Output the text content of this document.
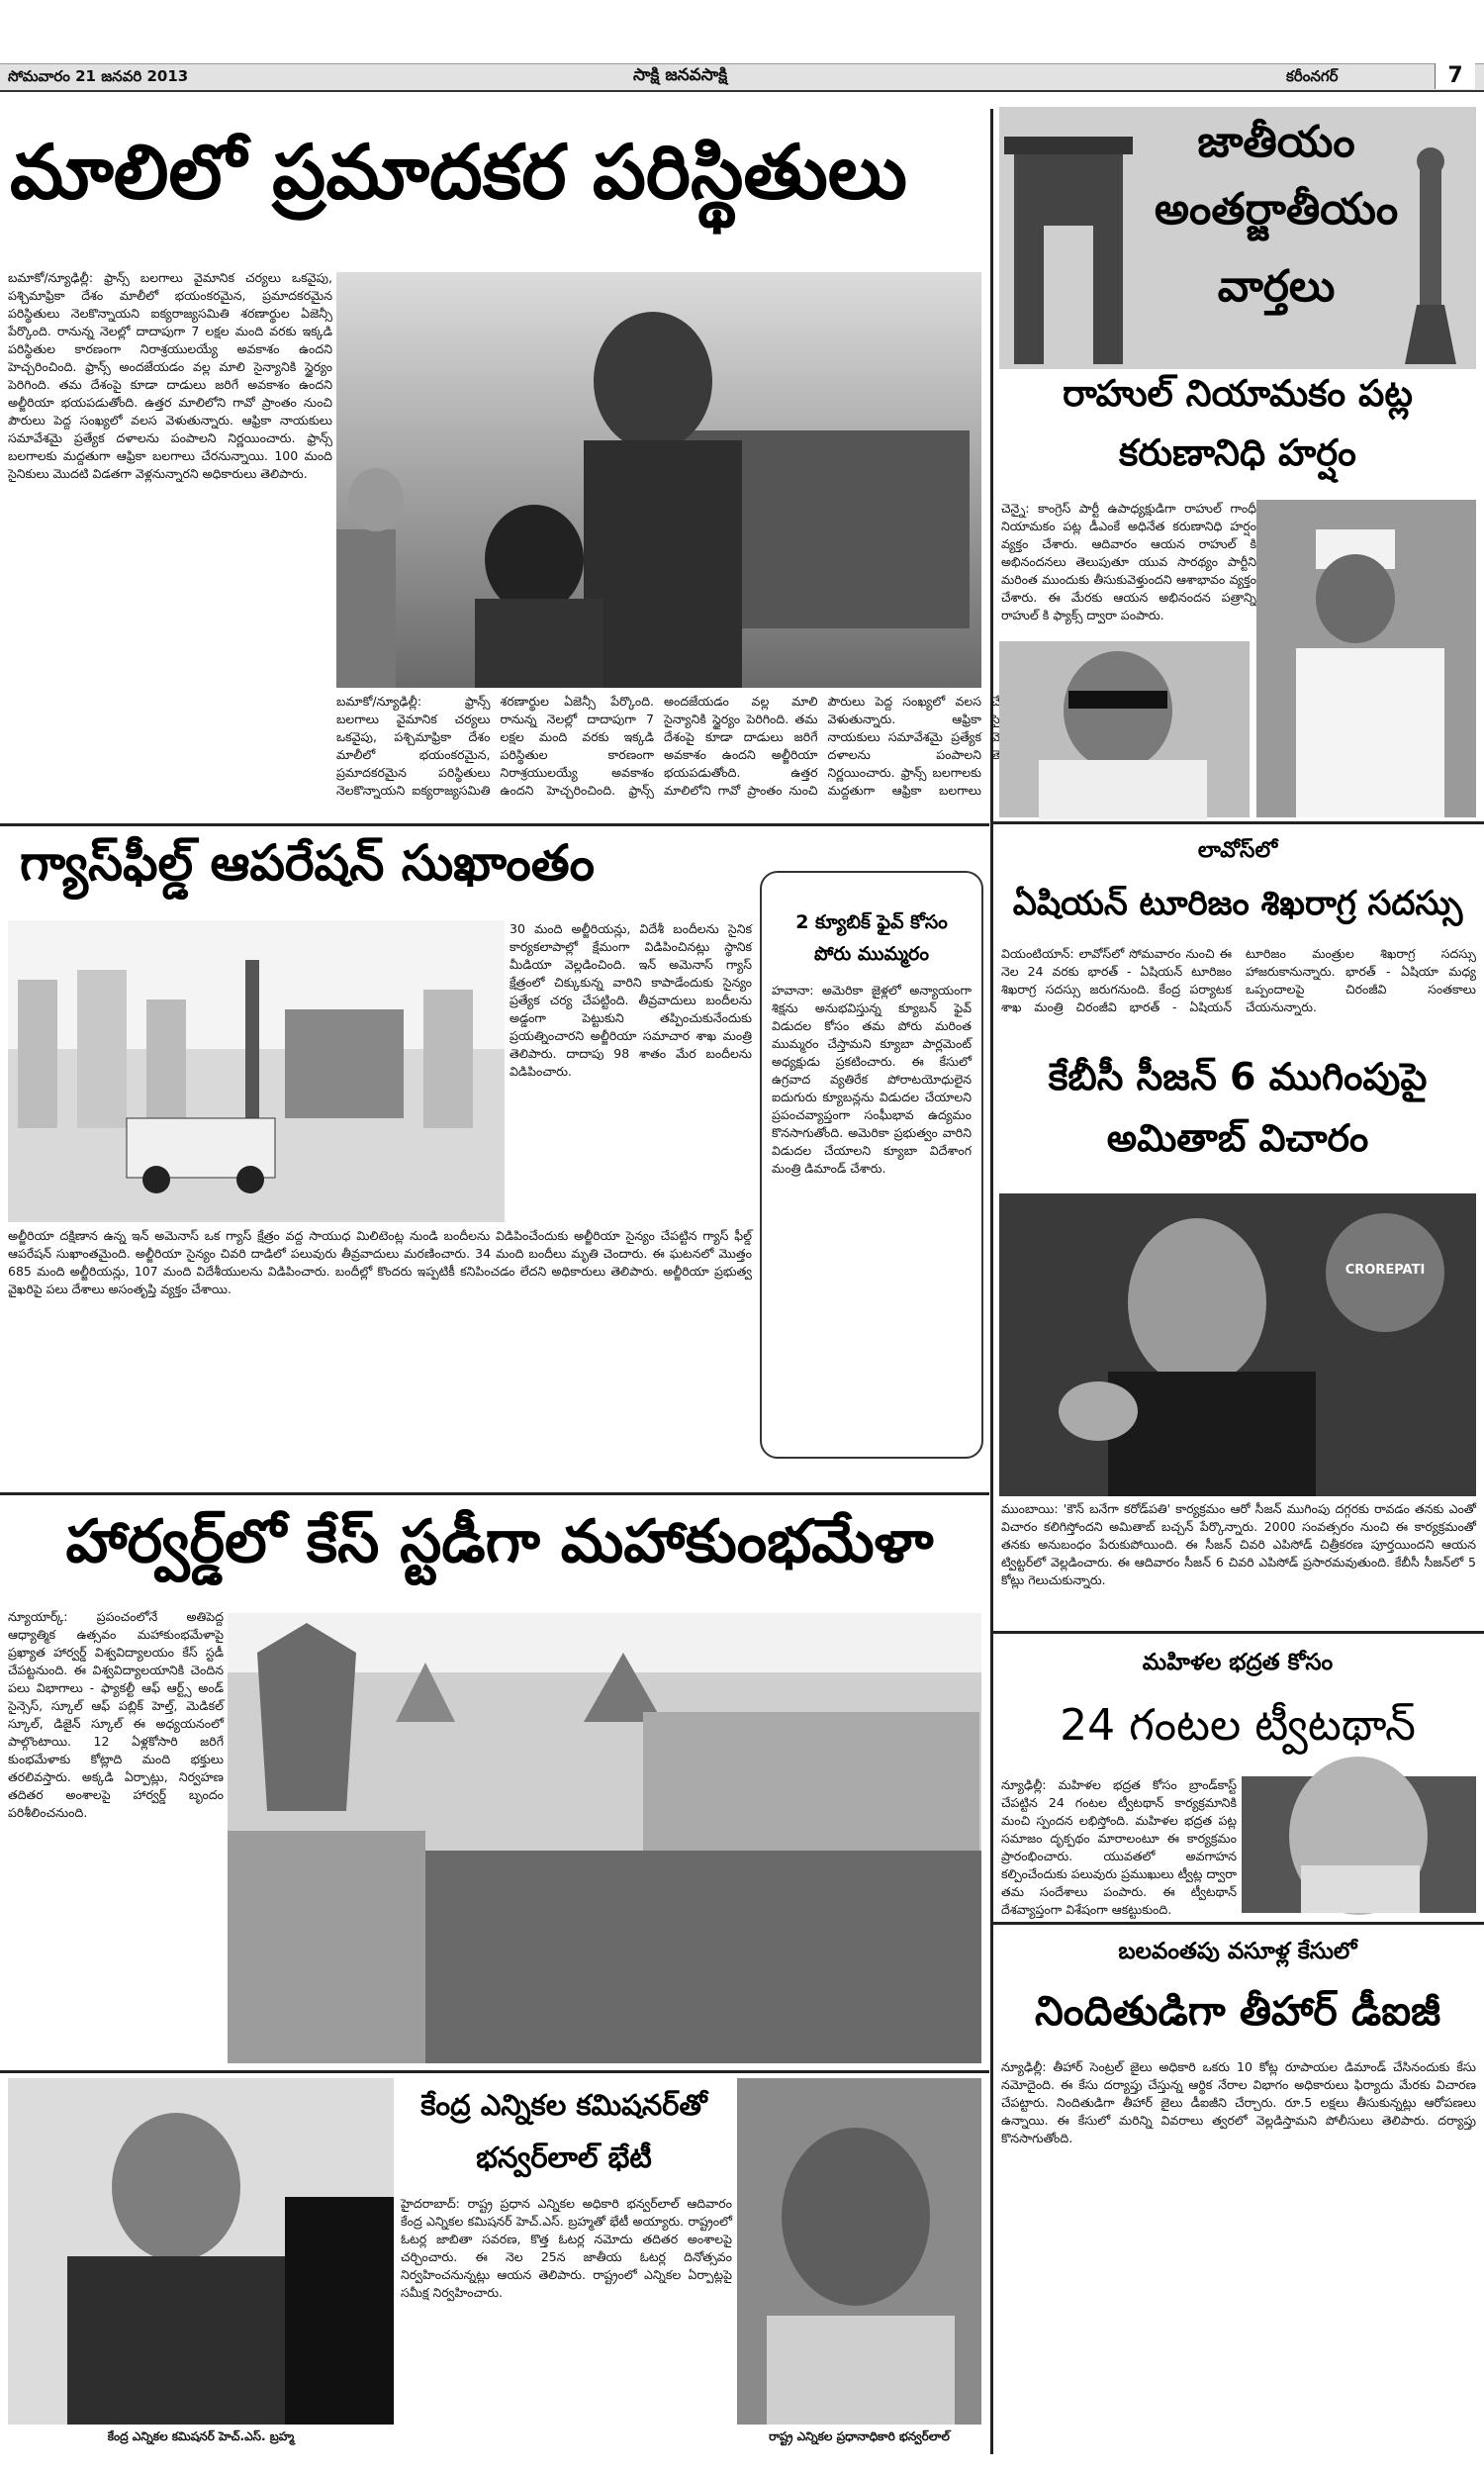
సోమవారం 21 జనవరి 2013	సాక్షి జనవసాక్షి	కరీంనగర్	7
మాలిలో ప్రమాదకర పరిస్థితులు
బమాకో/న్యూఢిల్లీ: ఫ్రాన్స్ బలగాలు వైమానిక చర్యలు ఒకవైపు, పశ్చిమాఫ్రికా దేశం మాలీలో భయంకరమైన, ప్రమాదకరమైన పరిస్థితులు నెలకొన్నాయని ఐక్యరాజ్యసమితి శరణార్థుల ఏజెన్సీ పేర్కొంది. రానున్న నెలల్లో దాదాపుగా 7 లక్షల మంది వరకు ఇక్కడి పరిస్థితుల కారణంగా నిరాశ్రయులయ్యే అవకాశం ఉందని హెచ్చరించింది. ఫ్రాన్స్ అందజేయడం వల్ల మాలి సైన్యానికి స్థైర్యం పెరిగింది. తమ దేశంపై కూడా దాడులు జరిగే అవకాశం ఉందని అల్జీరియా భయపడుతోంది. ఉత్తర మాలిలోని గావో ప్రాంతం నుంచి పౌరులు పెద్ద సంఖ్యలో వలస వెళుతున్నారు. ఆఫ్రికా నాయకులు సమావేశమై ప్రత్యేక దళాలను పంపాలని నిర్ణయించారు. ఫ్రాన్స్ బలగాలకు మద్దతుగా ఆఫ్రికా బలగాలు చేరనున్నాయి. 100 మంది సైనికులు మొదటి విడతగా వెళ్లనున్నారని అధికారులు తెలిపారు.
బమాకో/న్యూఢిల్లీ: ఫ్రాన్స్ బలగాలు వైమానిక చర్యలు ఒకవైపు, పశ్చిమాఫ్రికా దేశం మాలీలో భయంకరమైన, ప్రమాదకరమైన పరిస్థితులు నెలకొన్నాయని ఐక్యరాజ్యసమితి శరణార్థుల ఏజెన్సీ పేర్కొంది. రానున్న నెలల్లో దాదాపుగా 7 లక్షల మంది వరకు ఇక్కడి పరిస్థితుల కారణంగా నిరాశ్రయులయ్యే అవకాశం ఉందని హెచ్చరించింది. ఫ్రాన్స్ అందజేయడం వల్ల మాలి సైన్యానికి స్థైర్యం పెరిగింది. తమ దేశంపై కూడా దాడులు జరిగే అవకాశం ఉందని అల్జీరియా భయపడుతోంది. ఉత్తర మాలిలోని గావో ప్రాంతం నుంచి పౌరులు పెద్ద సంఖ్యలో వలస వెళుతున్నారు. ఆఫ్రికా నాయకులు సమావేశమై ప్రత్యేక దళాలను పంపాలని నిర్ణయించారు. ఫ్రాన్స్ బలగాలకు మద్దతుగా ఆఫ్రికా బలగాలు
జాతీయం
అంతర్జాతీయం
వార్తలు
రాహుల్ నియామకం పట్ల
కరుణానిధి హర్షం
చెన్నై: కాంగ్రెస్ పార్టీ ఉపాధ్యక్షుడిగా రాహుల్ గాంధీ నియామకం పట్ల డీఎంకే అధినేత కరుణానిధి హర్షం వ్యక్తం చేశారు. ఆదివారం ఆయన రాహుల్ కి అభినందనలు తెలుపుతూ యువ సారథ్యం పార్టీని మరింత ముందుకు తీసుకువెళ్తుందని ఆశాభావం వ్యక్తం చేశారు. ఈ మేరకు ఆయన అభినందన పత్రాన్ని రాహుల్ కి ఫ్యాక్స్ ద్వారా పంపారు.
గ్యాస్‌ఫీల్డ్ ఆపరేషన్ సుఖాంతం
30 మంది అల్జీరియన్లు, విదేశీ బందీలను సైనిక కార్యకలాపాల్లో క్షేమంగా విడిపించినట్లు స్థానిక మీడియా వెల్లడించింది. ఇన్ అమెనాస్ గ్యాస్ క్షేత్రంలో చిక్కుకున్న వారిని కాపాడేందుకు సైన్యం ప్రత్యేక చర్య చేపట్టింది. తీవ్రవాదులు బందీలను అడ్డంగా పెట్టుకుని తప్పించుకునేందుకు ప్రయత్నించారని అల్జీరియా సమాచార శాఖ మంత్రి తెలిపారు. దాదాపు 98 శాతం మేర బందీలను విడిపించారు.
అల్జీరియా దక్షిణాన ఉన్న ఇన్ అమెనాస్ ఒక గ్యాస్ క్షేత్రం వద్ద సాయుధ మిలిటెంట్ల నుండి బందీలను విడిపించేందుకు అల్జీరియా సైన్యం చేపట్టిన గ్యాస్ ఫీల్డ్ ఆపరేషన్ సుఖాంతమైంది. అల్జీరియా సైన్యం చివరి దాడిలో పలువురు తీవ్రవాదులు మరణించారు. 34 మంది బందీలు మృతి చెందారు. ఈ ఘటనలో మొత్తం 685 మంది అల్జీరియన్లు, 107 మంది విదేశీయులను విడిపించారు. బందీల్లో కొందరు ఇప్పటికీ కనిపించడం లేదని అధికారులు తెలిపారు. అల్జీరియా ప్రభుత్వ వైఖరిపై పలు దేశాలు అసంతృప్తి వ్యక్తం చేశాయి.
2 క్యూబిక్ ఫైవ్ కోసం
పోరు ముమ్మరం
హవానా: అమెరికా జైళ్లలో అన్యాయంగా శిక్షను అనుభవిస్తున్న క్యూబన్ ఫైవ్ విడుదల కోసం తమ పోరు మరింత ముమ్మరం చేస్తామని క్యూబా పార్లమెంట్ అధ్యక్షుడు ప్రకటించారు. ఈ కేసులో ఉగ్రవాద వ్యతిరేక పోరాటయోధులైన ఐదుగురు క్యూబన్లను విడుదల చేయాలని ప్రపంచవ్యాప్తంగా సంఘీభావ ఉద్యమం కొనసాగుతోంది. అమెరికా ప్రభుత్వం వారిని విడుదల చేయాలని క్యూబా విదేశాంగ మంత్రి డిమాండ్ చేశారు.
లావోస్‌లో
ఏషియన్ టూరిజం శిఖరాగ్ర సదస్సు
వియంటియాన్: లావోస్‌లో సోమవారం నుంచి ఈ నెల 24 వరకు భారత్ - ఏషియన్ టూరిజం శిఖరాగ్ర సదస్సు జరుగనుంది. కేంద్ర పర్యాటక శాఖ మంత్రి చిరంజీవి భారత్ - ఏషియన్ టూరిజం మంత్రుల శిఖరాగ్ర సదస్సు హాజరుకానున్నారు. భారత్ - ఏషియా మధ్య ఒప్పందాలపై చిరంజీవి సంతకాలు చేయనున్నారు.
కేబీసీ సీజన్ 6 ముగింపుపై
అమితాబ్ విచారం
CROREPATI
ముంబాయి: 'కౌన్ బనేగా కరోడ్‌పతి' కార్యక్రమం ఆరో సీజన్ ముగింపు దగ్గరకు రావడం తనకు ఎంతో విచారం కలిగిస్తోందని అమితాబ్ బచ్చన్ పేర్కొన్నారు. 2000 సంవత్సరం నుంచి ఈ కార్యక్రమంతో తనకు అనుబంధం పేరుకుపోయింది. ఈ సీజన్ చివరి ఎపిసోడ్ చిత్రీకరణ పూర్తయిందని ఆయన ట్విట్టర్‌లో వెల్లడించారు. ఈ ఆదివారం సీజన్ 6 చివరి ఎపిసోడ్ ప్రసారమవుతుంది. కేబీసీ సీజన్‌లో 5 కోట్లు గెలుచుకున్నారు.
మహిళల భద్రత కోసం
24 గంటల ట్వీటథాన్
న్యూఢిల్లీ: మహిళల భద్రత కోసం బ్రాండ్‌కాస్ట్ చేపట్టిన 24 గంటల ట్వీటథాన్ కార్యక్రమానికి మంచి స్పందన లభిస్తోంది. మహిళల భద్రత పట్ల సమాజం దృక్పథం మారాలంటూ ఈ కార్యక్రమం ప్రారంభించారు. యువతలో అవగాహన కల్పించేందుకు పలువురు ప్రముఖులు ట్వీట్ల ద్వారా తమ సందేశాలు పంపారు. ఈ ట్వీటథాన్ దేశవ్యాప్తంగా విశేషంగా ఆకట్టుకుంది.
హార్వర్డ్‌లో కేస్ స్టడీగా మహాకుంభమేళా
న్యూయార్క్: ప్రపంచంలోనే అతిపెద్ద ఆధ్యాత్మిక ఉత్సవం మహాకుంభమేళాపై ప్రఖ్యాత హార్వర్డ్ విశ్వవిద్యాలయం కేస్ స్టడీ చేపట్టనుంది. ఈ విశ్వవిద్యాలయానికి చెందిన పలు విభాగాలు - ఫ్యాకల్టీ ఆఫ్ ఆర్ట్స్ అండ్ సైన్సెస్, స్కూల్ ఆఫ్ పబ్లిక్ హెల్త్, మెడికల్ స్కూల్, డిజైన్ స్కూల్ ఈ అధ్యయనంలో పాల్గొంటాయి. 12 ఏళ్లకోసారి జరిగే కుంభమేళాకు కోట్లాది మంది భక్తులు తరలివస్తారు. అక్కడి ఏర్పాట్లు, నిర్వహణ తదితర అంశాలపై హార్వర్డ్ బృందం పరిశీలించనుంది.
కేంద్ర ఎన్నికల కమిషనర్ హెచ్.ఎస్. బ్రహ్మ
కేంద్ర ఎన్నికల కమిషనర్‌తో
భన్వర్‌లాల్ భేటీ
హైదరాబాద్: రాష్ట్ర ప్రధాన ఎన్నికల అధికారి భన్వర్‌లాల్ ఆదివారం కేంద్ర ఎన్నికల కమిషనర్ హెచ్.ఎస్. బ్రహ్మతో భేటీ అయ్యారు. రాష్ట్రంలో ఓటర్ల జాబితా సవరణ, కొత్త ఓటర్ల నమోదు తదితర అంశాలపై చర్చించారు. ఈ నెల 25న జాతీయ ఓటర్ల దినోత్సవం నిర్వహించనున్నట్లు ఆయన తెలిపారు. రాష్ట్రంలో ఎన్నికల ఏర్పాట్లపై సమీక్ష నిర్వహించారు.
రాష్ట్ర ఎన్నికల ప్రధానాధికారి భన్వర్‌లాల్
బలవంతపు వసూళ్ల కేసులో
నిందితుడిగా తీహార్ డీఐజీ
న్యూఢిల్లీ: తీహార్ సెంట్రల్ జైలు అధికారి ఒకరు 10 కోట్ల రూపాయల డిమాండ్ చేసినందుకు కేసు నమోదైంది. ఈ కేసు దర్యాప్తు చేస్తున్న ఆర్థిక నేరాల విభాగం అధికారులు ఫిర్యాదు మేరకు విచారణ చేపట్టారు. నిందితుడిగా తీహార్ జైలు డీఐజీని చేర్చారు. రూ.5 లక్షలు తీసుకున్నట్లు ఆరోపణలు ఉన్నాయి. ఈ కేసులో మరిన్ని వివరాలు త్వరలో వెల్లడిస్తామని పోలీసులు తెలిపారు. దర్యాప్తు కొనసాగుతోంది.
